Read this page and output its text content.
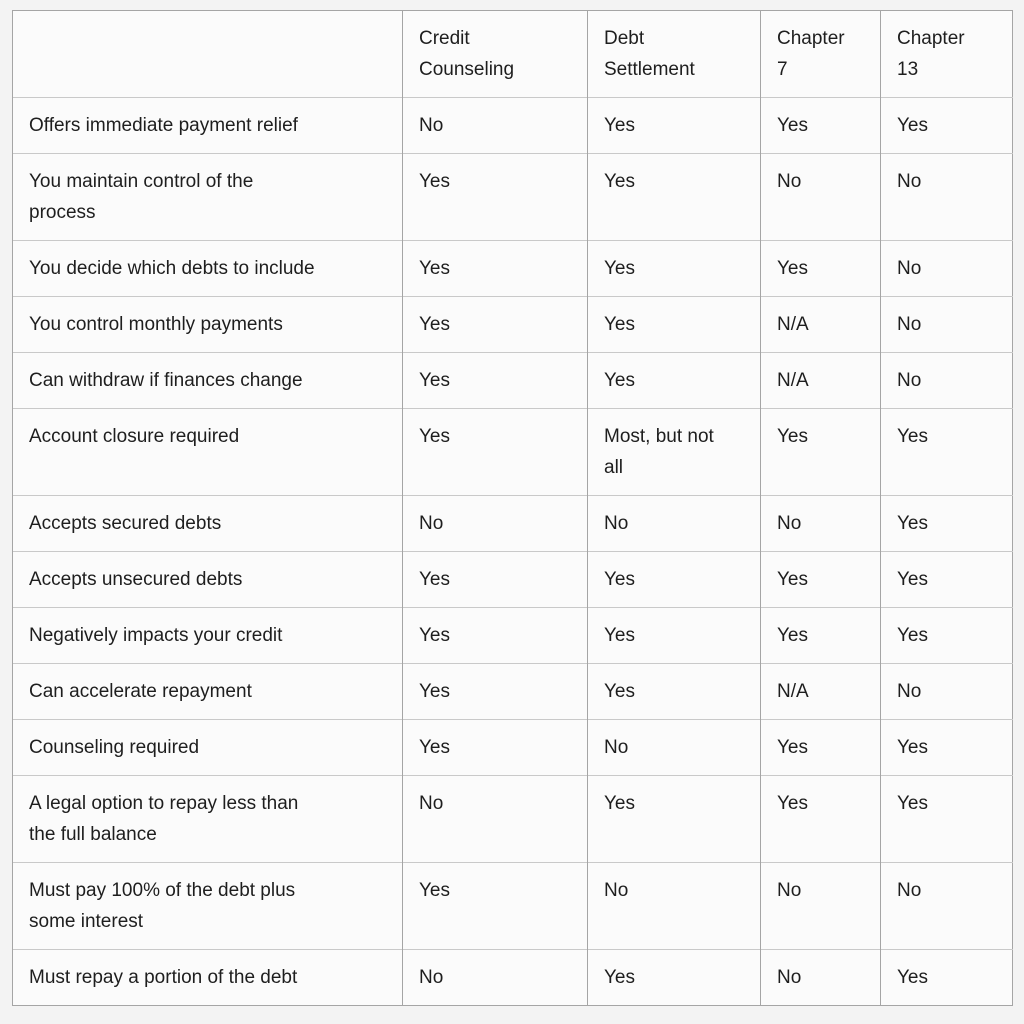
	Credit Counseling	Debt Settlement	Chapter 7	Chapter 13
Offers immediate payment relief	No	Yes	Yes	Yes
You maintain control of the process	Yes	Yes	No	No
You decide which debts to include	Yes	Yes	Yes	No
You control monthly payments	Yes	Yes	N/A	No
Can withdraw if finances change	Yes	Yes	N/A	No
Account closure required	Yes	Most, but not all	Yes	Yes
Accepts secured debts	No	No	No	Yes
Accepts unsecured debts	Yes	Yes	Yes	Yes
Negatively impacts your credit	Yes	Yes	Yes	Yes
Can accelerate repayment	Yes	Yes	N/A	No
Counseling required	Yes	No	Yes	Yes
A legal option to repay less than the full balance	No	Yes	Yes	Yes
Must pay 100% of the debt plus some interest	Yes	No	No	No
Must repay a portion of the debt	No	Yes	No	Yes
